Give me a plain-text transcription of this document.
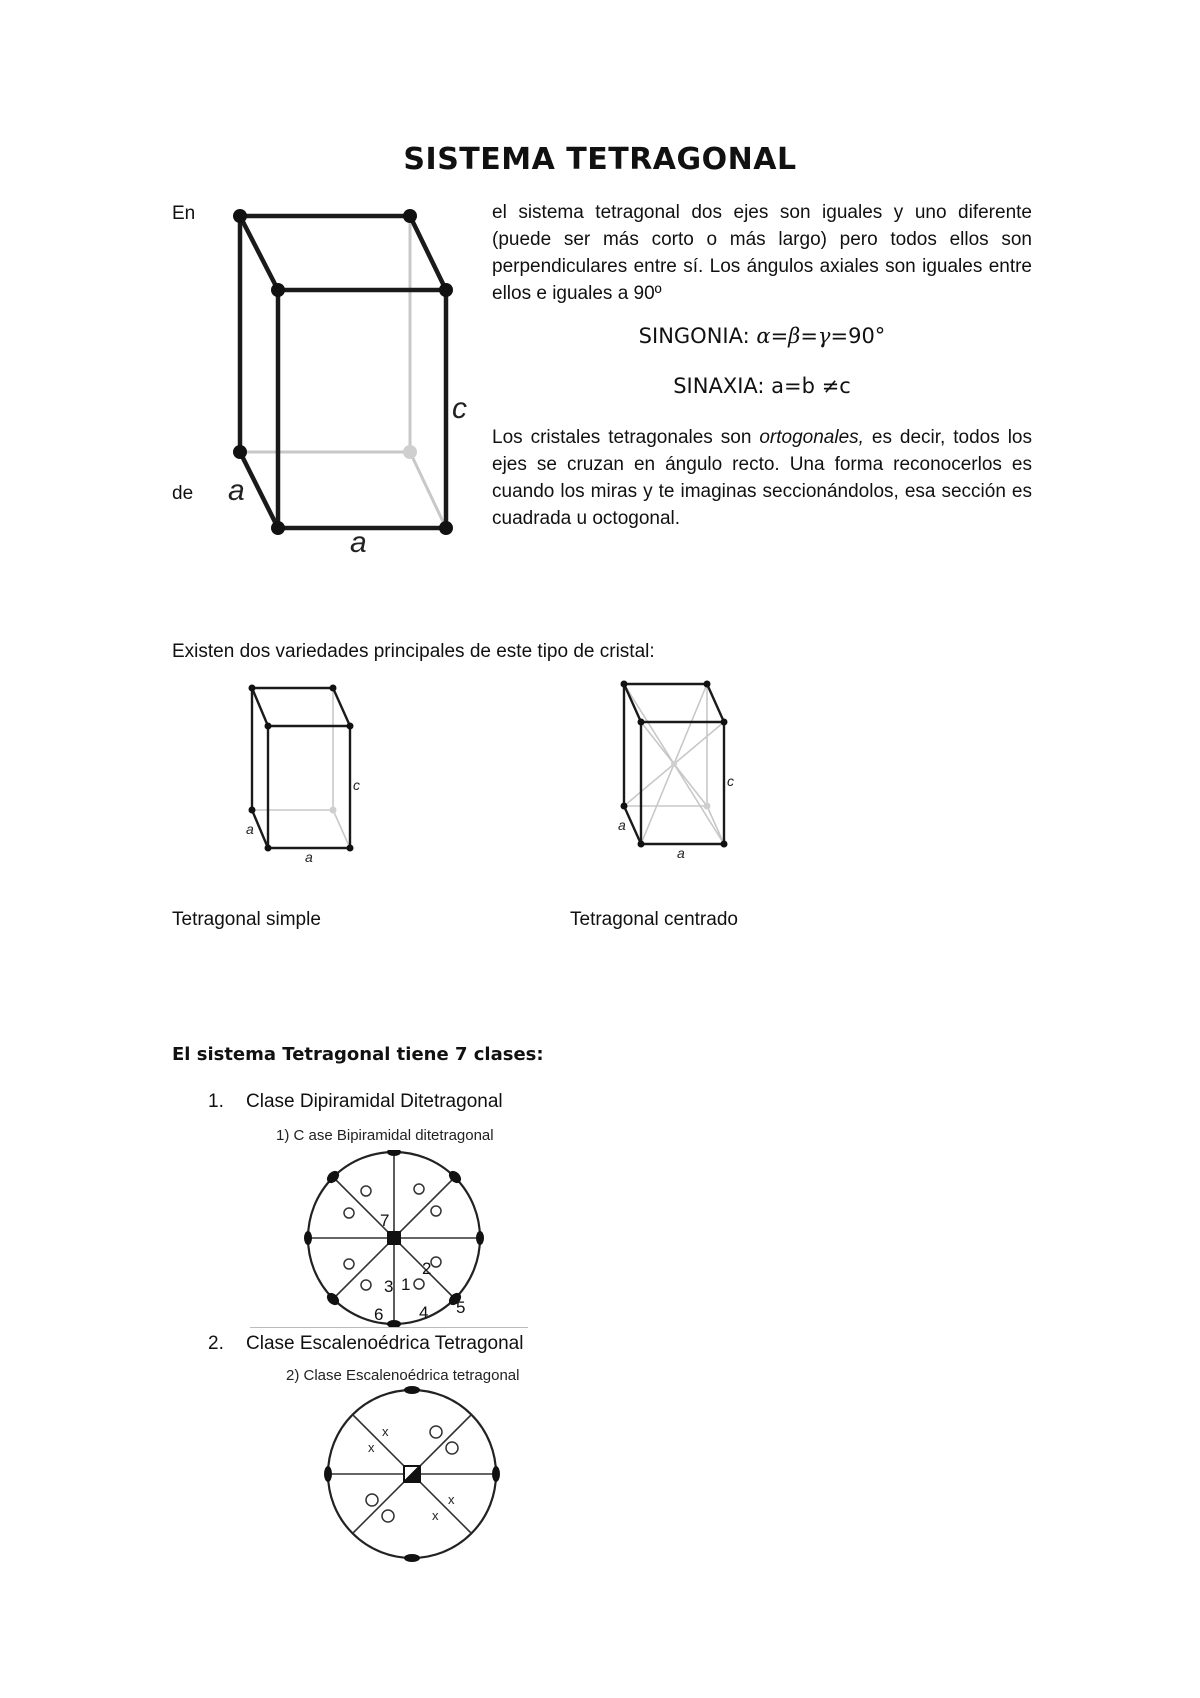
SISTEMA TETRAGONAL
En
de
c
a
a
el sistema tetragonal dos ejes son iguales y uno diferente (puede ser más corto o más largo) pero todos ellos son perpendiculares entre sí. Los ángulos axiales son iguales entre ellos e iguales a 90º
SINGONIA: α=β=γ=90°
SINAXIA: a=b ≠c
Los cristales tetragonales son ortogonales, es decir, todos los ejes se cruzan en ángulo recto. Una forma reconocerlos es cuando los miras y te imaginas seccionándolos, esa sección es cuadrada u octogonal.
Existen dos variedades principales de este tipo de cristal:
c
a
a
c
a
a
Tetragonal simple	Tetragonal centrado
El sistema Tetragonal tiene 7 clases:
1. Clase Dipiramidal Ditetragonal
1) C ase Bipiramidal ditetragonal
7
2
3 1
6 4 5
2. Clase Escalenoédrica Tetragonal
2) Clase Escalenoédrica tetragonal
x
x
x
x
